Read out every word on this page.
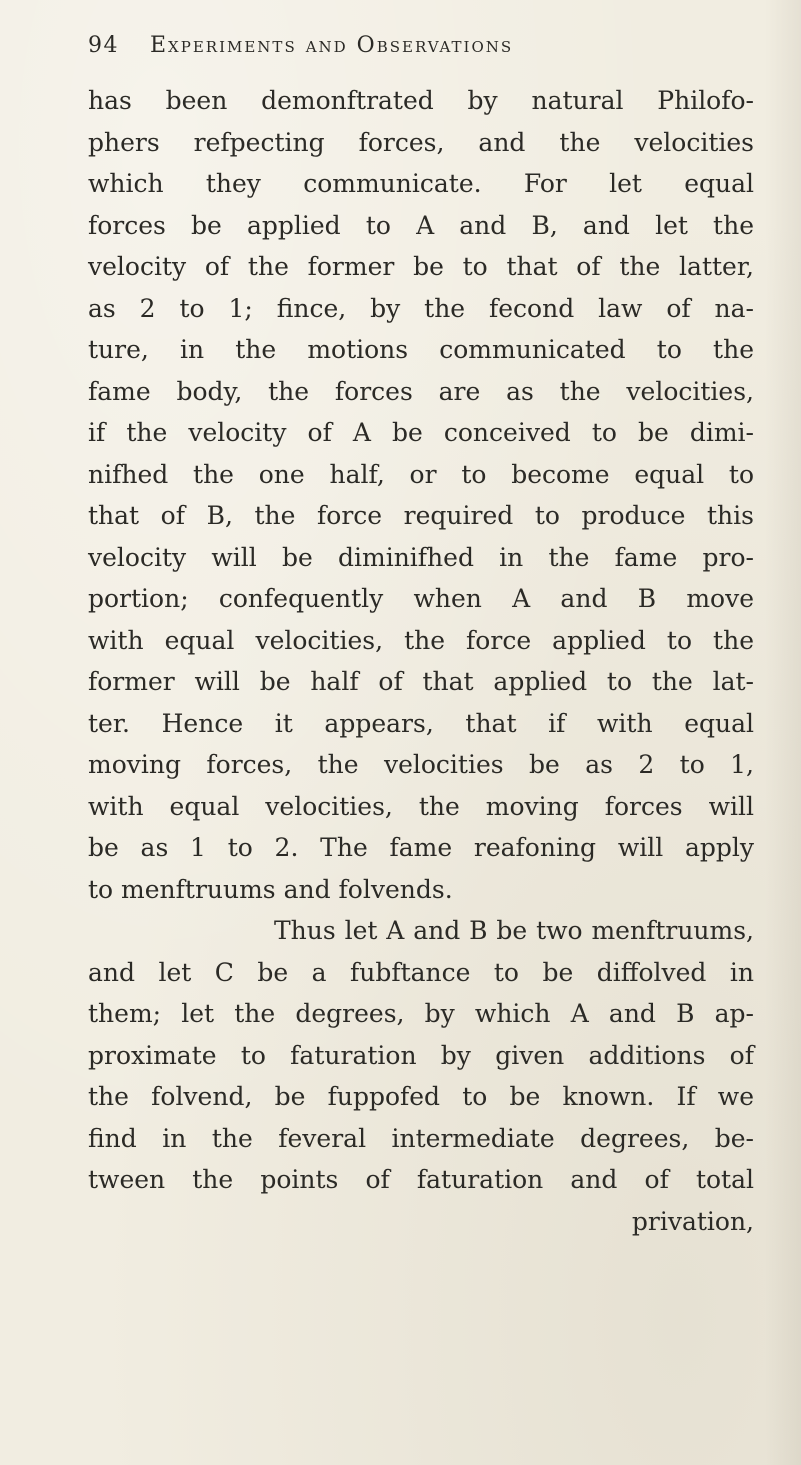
94 Experiments and Observations
has been demonftrated by natural Philofo-
phers refpecting forces, and the velocities
which they communicate. For let equal
forces be applied to A and B, and let the
velocity of the former be to that of the latter,
as 2 to 1; fince, by the fecond law of na-
ture, in the motions communicated to the
fame body, the forces are as the velocities,
if the velocity of A be conceived to be dimi-
nifhed the one half, or to become equal to
that of B, the force required to produce this
velocity will be diminifhed in the fame pro-
portion; confequently when A and B move
with equal velocities, the force applied to the
former will be half of that applied to the lat-
ter. Hence it appears, that if with equal
moving forces, the velocities be as 2 to 1,
with equal velocities, the moving forces will
be as 1 to 2. The fame reafoning will apply
to menftruums and folvends.
Thus let A and B be two menftruums,
and let C be a fubftance to be diffolved in
them; let the degrees, by which A and B ap-
proximate to faturation by given additions of
the folvend, be fuppofed to be known. If we
find in the feveral intermediate degrees, be-
tween the points of faturation and of total
privation,
